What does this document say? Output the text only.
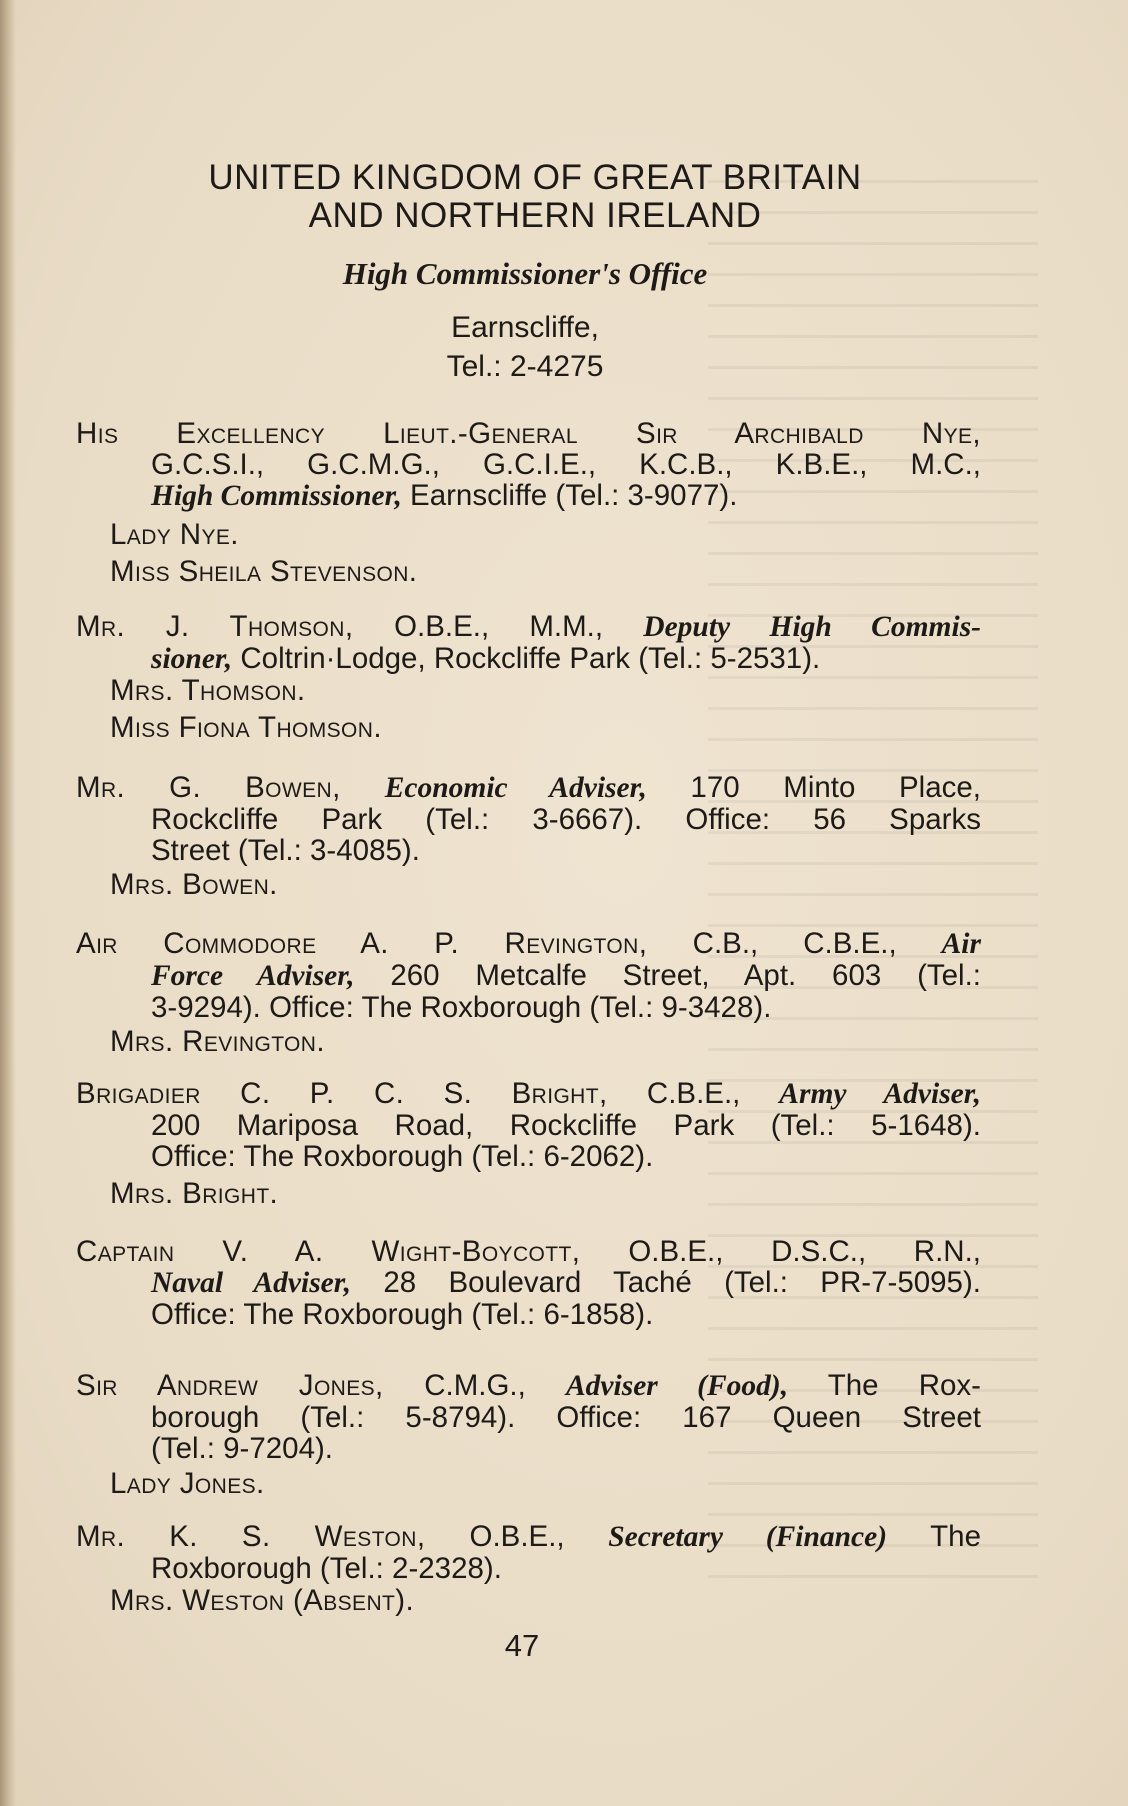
UNITED KINGDOM OF GREAT BRITAIN
AND NORTHERN IRELAND
High Commissioner's Office
Earnscliffe,
Tel.: 2-4275
His Excellency Lieut.-General Sir Archibald Nye,
G.C.S.I., G.C.M.G., G.C.I.E., K.C.B., K.B.E., M.C.,
High Commissioner, Earnscliffe (Tel.: 3-9077).
Lady Nye.
Miss Sheila Stevenson.
Mr. J. Thomson, O.B.E., M.M., Deputy High Commis-
sioner, Coltrin·Lodge, Rockcliffe Park (Tel.: 5-2531).
Mrs. Thomson.
Miss Fiona Thomson.
Mr. G. Bowen, Economic Adviser, 170 Minto Place,
Rockcliffe Park (Tel.: 3-6667). Office: 56 Sparks
Street (Tel.: 3-4085).
Mrs. Bowen.
Air Commodore A. P. Revington, C.B., C.B.E., Air
Force Adviser, 260 Metcalfe Street, Apt. 603 (Tel.:
3-9294). Office: The Roxborough (Tel.: 9-3428).
Mrs. Revington.
Brigadier C. P. C. S. Bright, C.B.E., Army Adviser,
200 Mariposa Road, Rockcliffe Park (Tel.: 5-1648).
Office: The Roxborough (Tel.: 6-2062).
Mrs. Bright.
Captain V. A. Wight-Boycott, O.B.E., D.S.C., R.N.,
Naval Adviser, 28 Boulevard Taché (Tel.: PR-7-5095).
Office: The Roxborough (Tel.: 6-1858).
Sir Andrew Jones, C.M.G., Adviser (Food), The Rox-
borough (Tel.: 5-8794). Office: 167 Queen Street
(Tel.: 9-7204).
Lady Jones.
Mr. K. S. Weston, O.B.E., Secretary (Finance) The
Roxborough (Tel.: 2-2328).
Mrs. Weston (Absent).
47
